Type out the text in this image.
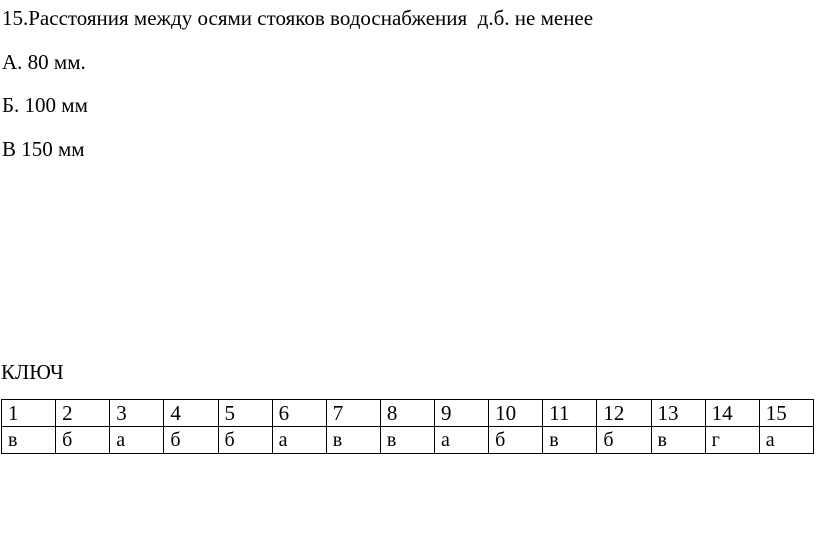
15.Расстояния между осями стояков водоснабжения  д.б. не менее
А. 80 мм.
Б. 100 мм
В 150 мм
КЛЮЧ
1	2	3	4	5	6	7	8	9	10	11	12	13	14	15
в	б	а	б	б	а	в	в	а	б	в	б	в	г	а
